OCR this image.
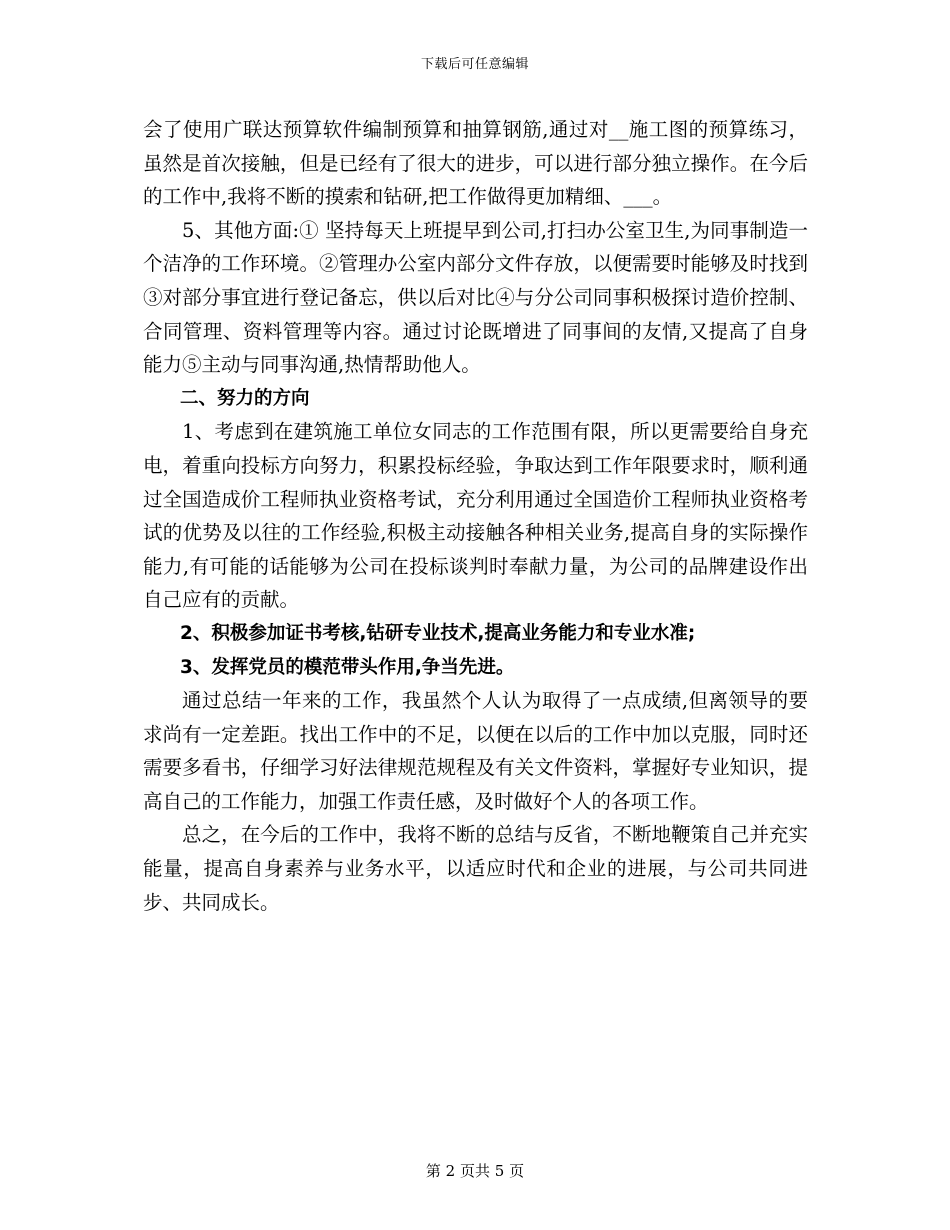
下载后可任意编辑

会了使用广联达预算软件编制预算和抽算钢筋,通过对__施工图的预算练习，虽然是首次接触，但是已经有了很大的进步，可以进行部分独立操作。在今后的工作中,我将不断的摸索和钻研,把工作做得更加精细、___。

5、其他方面:① 坚持每天上班提早到公司,打扫办公室卫生,为同事制造一个洁净的工作环境。②管理办公室内部分文件存放，以便需要时能够及时找到③对部分事宜进行登记备忘，供以后对比④与分公司同事积极探讨造价控制、合同管理、资料管理等内容。通过讨论既增进了同事间的友情,又提高了自身能力⑤主动与同事沟通,热情帮助他人。

二、努力的方向

1、考虑到在建筑施工单位女同志的工作范围有限，所以更需要给自身充电，着重向投标方向努力，积累投标经验，争取达到工作年限要求时，顺利通过全国造成价工程师执业资格考试，充分利用通过全国造价工程师执业资格考试的优势及以往的工作经验,积极主动接触各种相关业务,提高自身的实际操作能力,有可能的话能够为公司在投标谈判时奉献力量，为公司的品牌建设作出自己应有的贡献。

2、积极参加证书考核,钻研专业技术,提高业务能力和专业水准;

3、发挥党员的模范带头作用,争当先进。

通过总结一年来的工作，我虽然个人认为取得了一点成绩,但离领导的要求尚有一定差距。找出工作中的不足，以便在以后的工作中加以克服，同时还需要多看书，仔细学习好法律规范规程及有关文件资料，掌握好专业知识，提高自己的工作能力，加强工作责任感，及时做好个人的各项工作。

总之，在今后的工作中，我将不断的总结与反省，不断地鞭策自己并充实能量，提高自身素养与业务水平，以适应时代和企业的进展，与公司共同进步、共同成长。

第 2 页共 5 页
